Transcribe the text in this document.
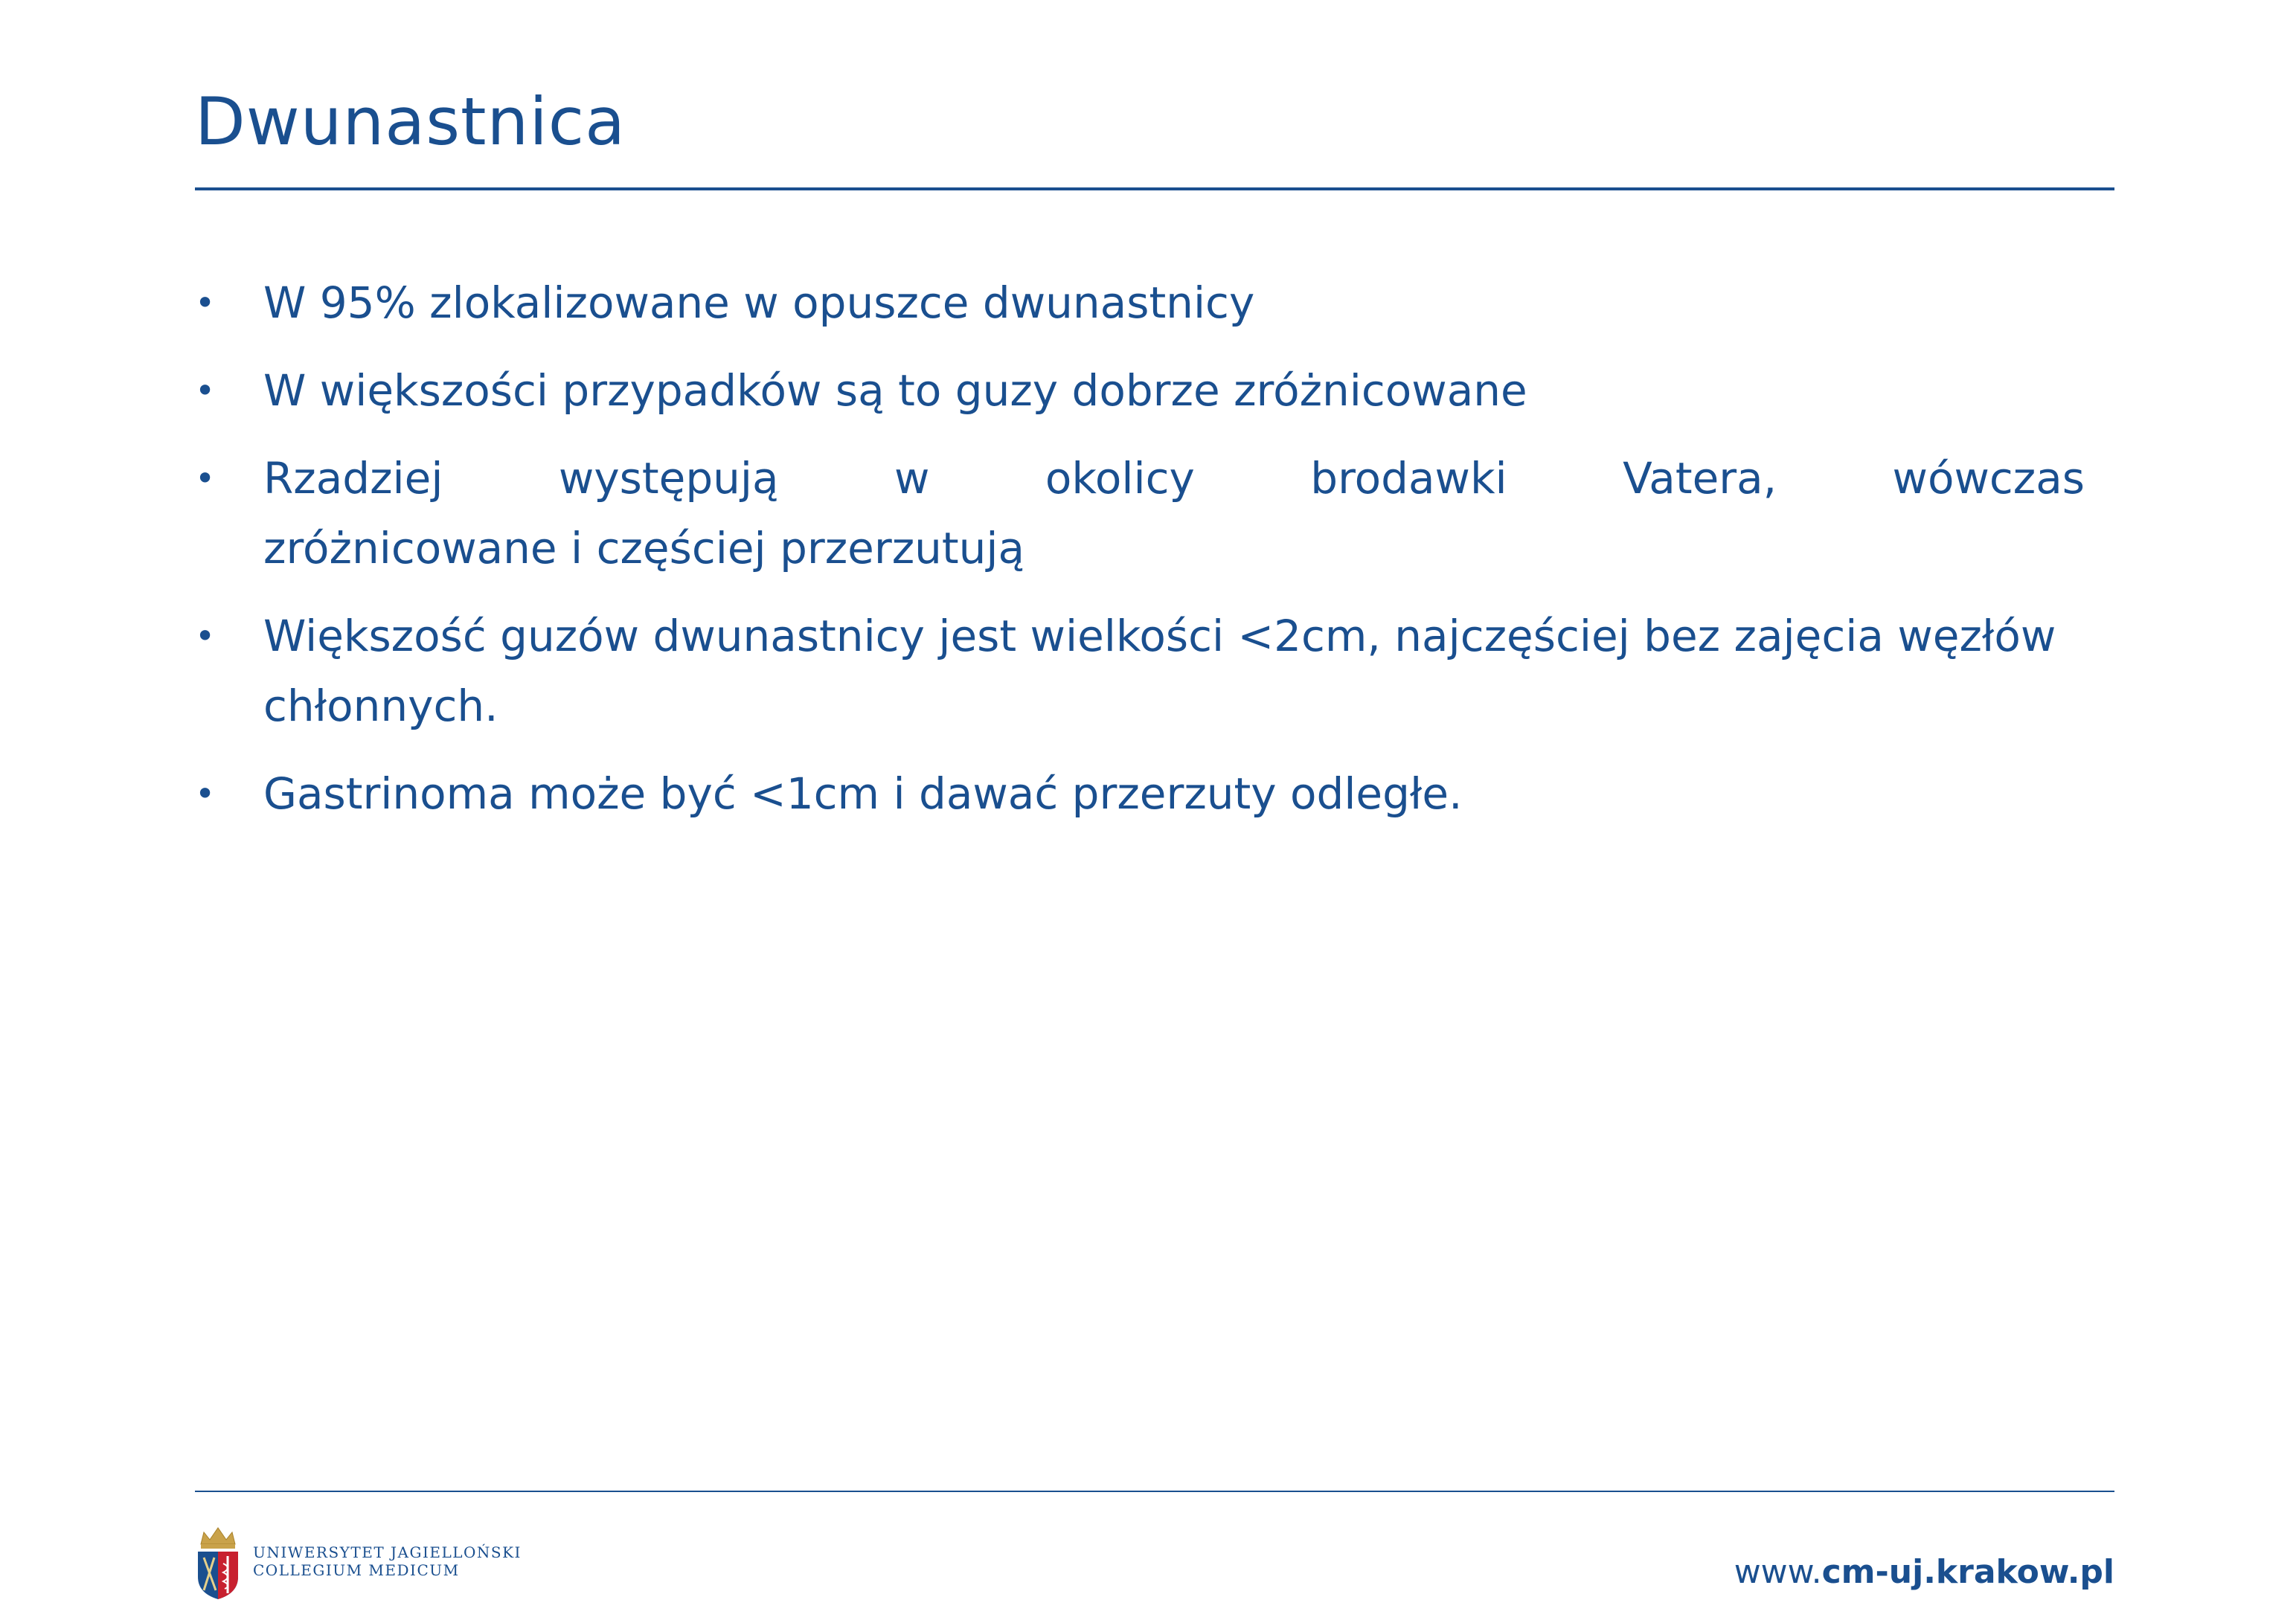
Dwunastnica
• W 95% zlokalizowane w opuszce dwunastnicy
• W większości przypadków są to guzy dobrze zróżnicowane
• Rzadziej występują w okolicy brodawki Vatera, wówczas
zróżnicowane i częściej przerzutują
• Większość guzów dwunastnicy jest wielkości <2cm, najczęściej bez zajęcia węzłów chłonnych.
• Gastrinoma może być <1cm i dawać przerzuty odległe.
UNIWERSYTET JAGIELLOŃSKI
COLLEGIUM MEDICUM	www.cm-uj.krakow.pl
